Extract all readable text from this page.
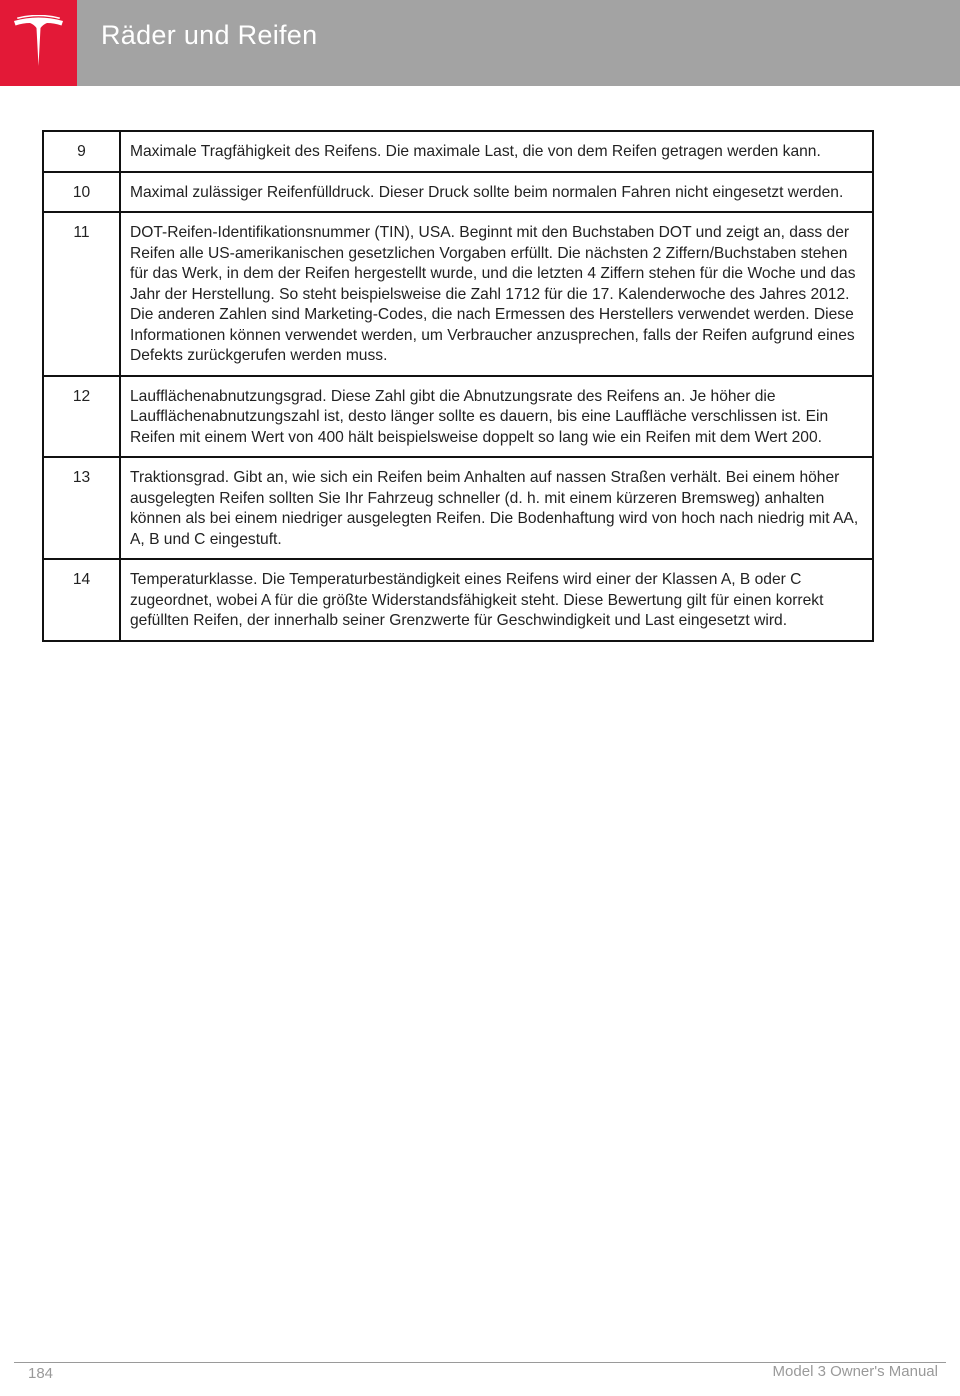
Räder und Reifen
9	Maximale Tragfähigkeit des Reifens. Die maximale Last, die von dem Reifen getragen werden kann.
10	Maximal zulässiger Reifenfülldruck. Dieser Druck sollte beim normalen Fahren nicht eingesetzt werden.
11	DOT-Reifen-Identifikationsnummer (TIN), USA. Beginnt mit den Buchstaben DOT und zeigt an, dass der Reifen alle US-amerikanischen gesetzlichen Vorgaben erfüllt. Die nächsten 2 Ziffern/Buchstaben stehen für das Werk, in dem der Reifen hergestellt wurde, und die letzten 4 Ziffern stehen für die Woche und das Jahr der Herstellung. So steht beispielsweise die Zahl 1712 für die 17. Kalenderwoche des Jahres 2012. Die anderen Zahlen sind Marketing-Codes, die nach Ermessen des Herstellers verwendet werden. Diese Informationen können verwendet werden, um Verbraucher anzusprechen, falls der Reifen aufgrund eines Defekts zurückgerufen werden muss.
12	Laufflächenabnutzungsgrad. Diese Zahl gibt die Abnutzungsrate des Reifens an. Je höher die Laufflächenabnutzungszahl ist, desto länger sollte es dauern, bis eine Lauffläche verschlissen ist. Ein Reifen mit einem Wert von 400 hält beispielsweise doppelt so lang wie ein Reifen mit dem Wert 200.
13	Traktionsgrad. Gibt an, wie sich ein Reifen beim Anhalten auf nassen Straßen verhält. Bei einem höher ausgelegten Reifen sollten Sie Ihr Fahrzeug schneller (d. h. mit einem kürzeren Bremsweg) anhalten können als bei einem niedriger ausgelegten Reifen. Die Bodenhaftung wird von hoch nach niedrig mit AA, A, B und C eingestuft.
14	Temperaturklasse. Die Temperaturbeständigkeit eines Reifens wird einer der Klassen A, B oder C zugeordnet, wobei A für die größte Widerstandsfähigkeit steht. Diese Bewertung gilt für einen korrekt gefüllten Reifen, der innerhalb seiner Grenzwerte für Geschwindigkeit und Last eingesetzt wird.
184	Model 3 Owner's Manual
